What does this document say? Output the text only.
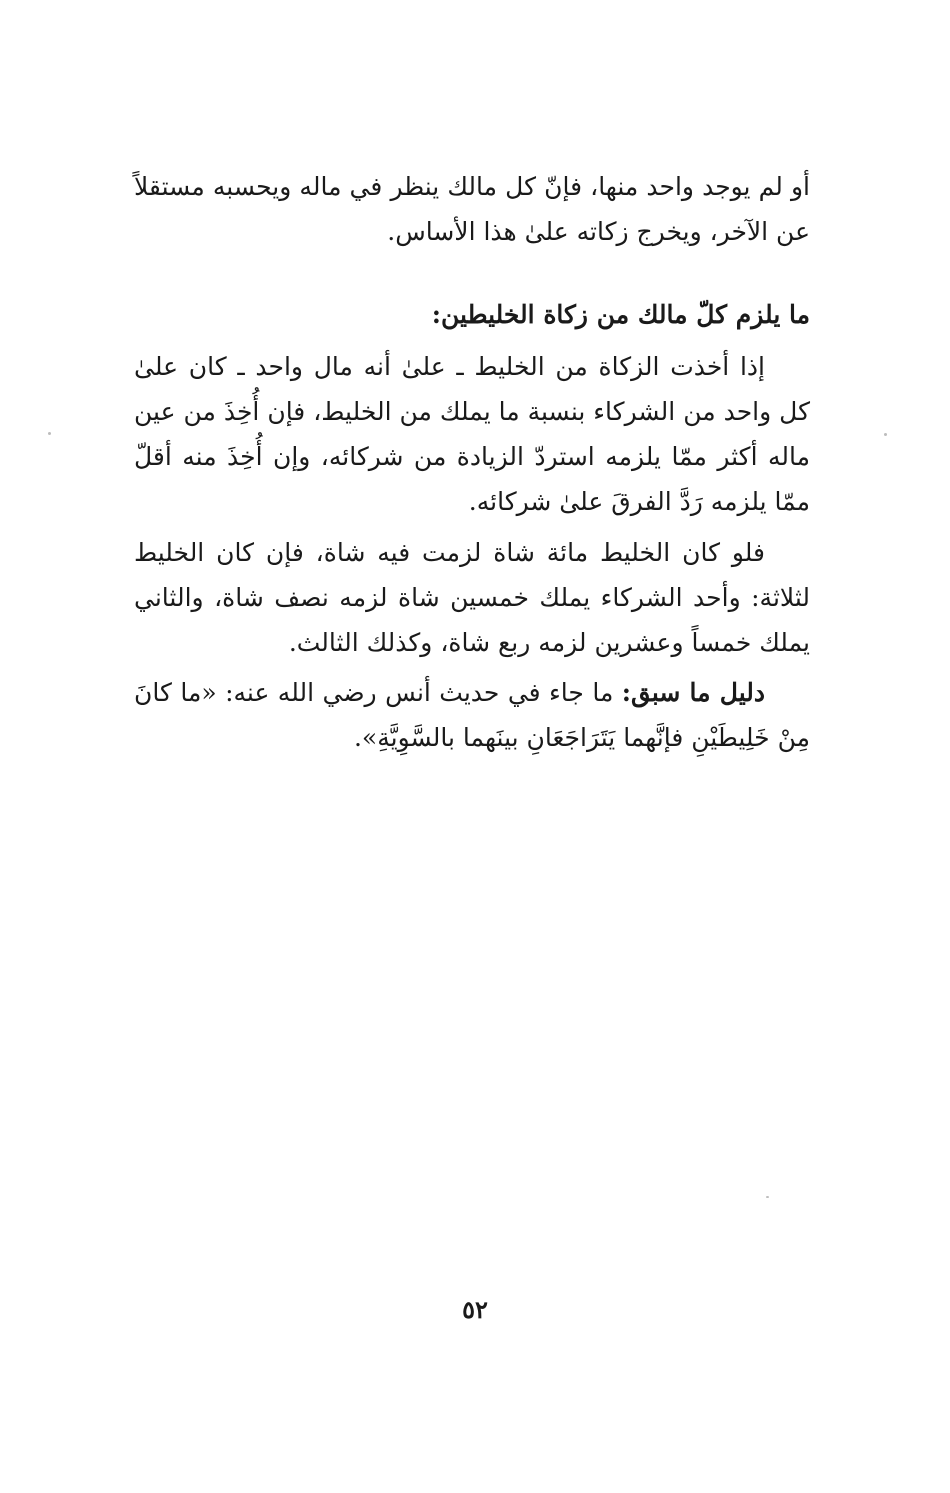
أو لم يوجد واحد منها، فإنّ كل مالك ينظر في ماله ويحسبه مستقلاً عن الآخر، ويخرج زكاته علىٰ هذا الأساس.
ما يلزم كلّ مالك من زكاة الخليطين:
إذا أخذت الزكاة من الخليط ـ علىٰ أنه مال واحد ـ كان علىٰ كل واحد من الشركاء بنسبة ما يملك من الخليط، فإن أُخِذَ من عين ماله أكثر ممّا يلزمه استردّ الزيادة من شركائه، وإن أُخِذَ منه أقلّ ممّا يلزمه رَدَّ الفرقَ علىٰ شركائه.
فلو كان الخليط مائة شاة لزمت فيه شاة، فإن كان الخليط لثلاثة: وأحد الشركاء يملك خمسين شاة لزمه نصف شاة، والثاني يملك خمساً وعشرين لزمه ربع شاة، وكذلك الثالث.
دليل ما سبق: ما جاء في حديث أنس رضي الله عنه: «ما كانَ مِنْ خَلِيطَيْنِ فإنَّهما يَتَرَاجَعَانِ بينَهما بالسَّوِيَّةِ».
٥٢
